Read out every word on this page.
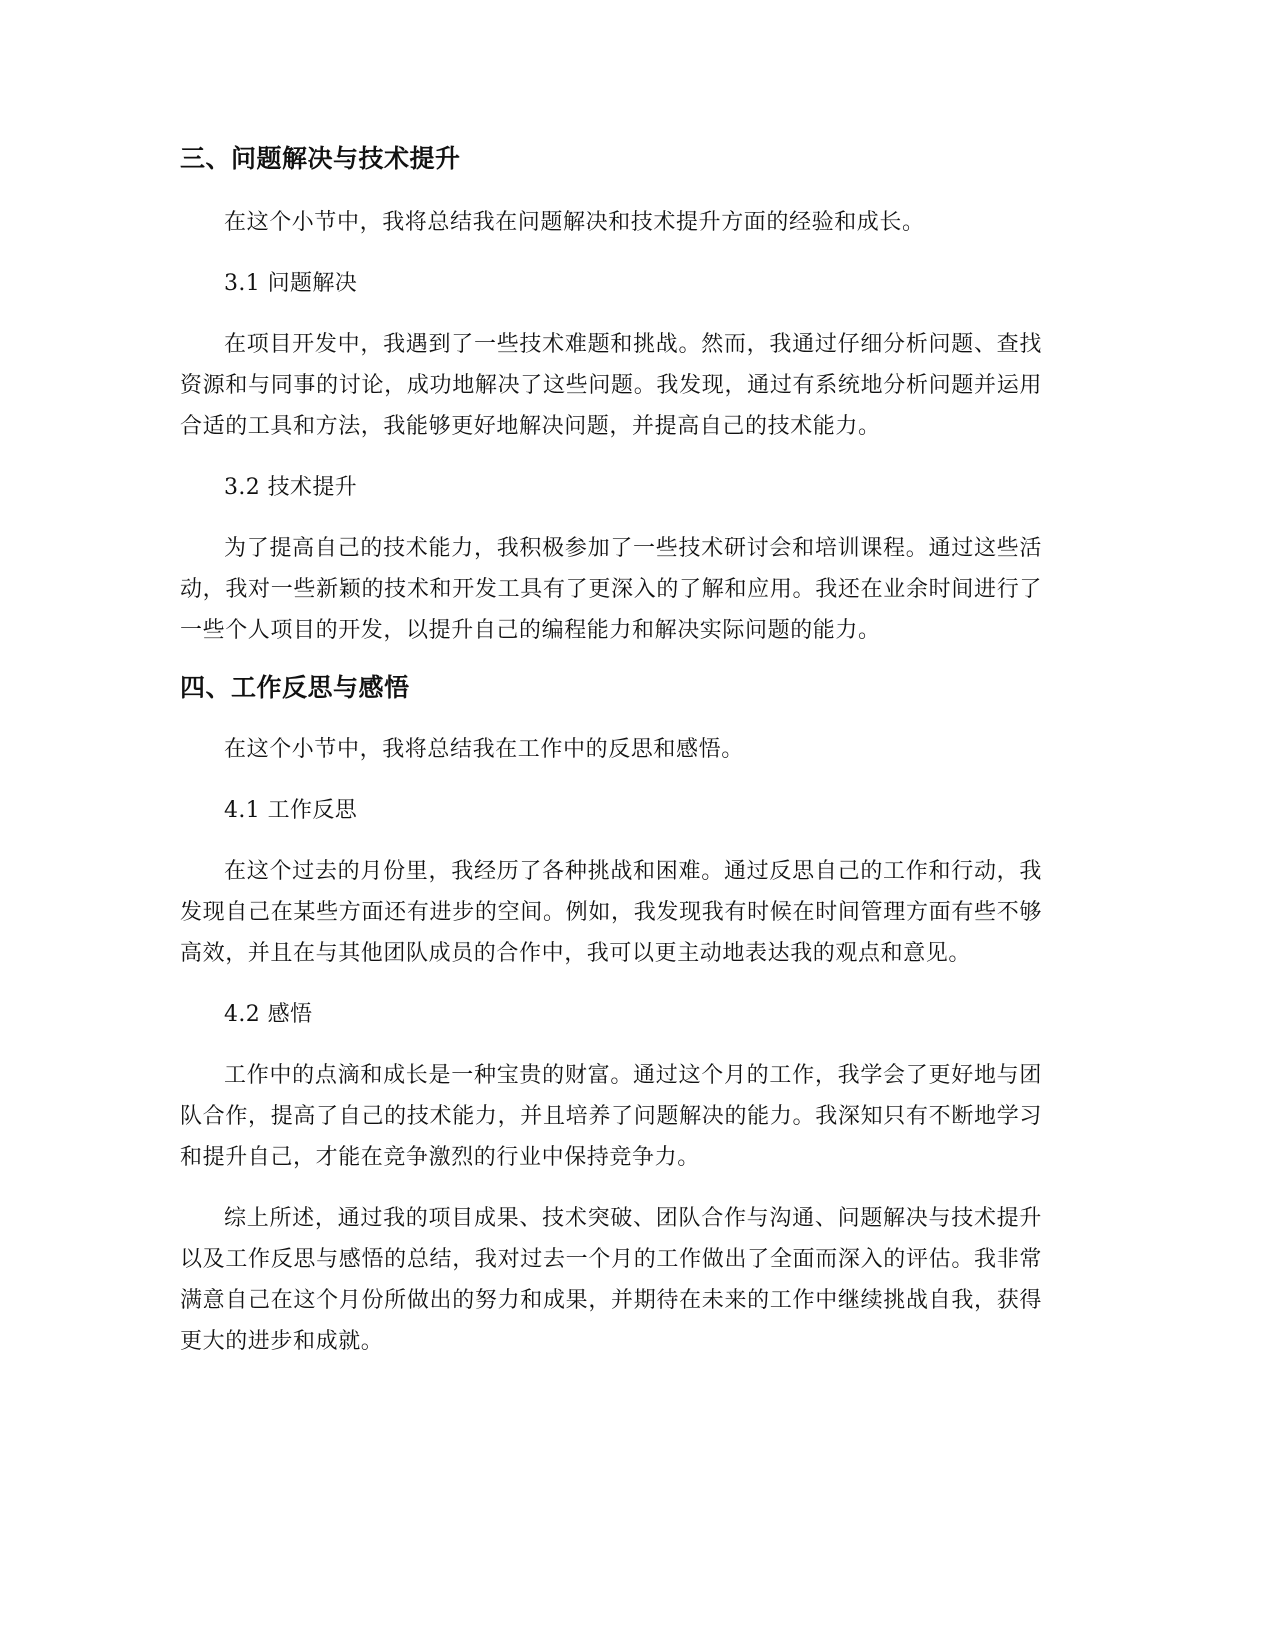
三、问题解决与技术提升

在这个小节中，我将总结我在问题解决和技术提升方面的经验和成长。

3.1 问题解决

在项目开发中，我遇到了一些技术难题和挑战。然而，我通过仔细分析问题、查找资源和与同事的讨论，成功地解决了这些问题。我发现，通过有系统地分析问题并运用合适的工具和方法，我能够更好地解决问题，并提高自己的技术能力。

3.2 技术提升

为了提高自己的技术能力，我积极参加了一些技术研讨会和培训课程。通过这些活动，我对一些新颖的技术和开发工具有了更深入的了解和应用。我还在业余时间进行了一些个人项目的开发，以提升自己的编程能力和解决实际问题的能力。

四、工作反思与感悟

在这个小节中，我将总结我在工作中的反思和感悟。

4.1 工作反思

在这个过去的月份里，我经历了各种挑战和困难。通过反思自己的工作和行动，我发现自己在某些方面还有进步的空间。例如，我发现我有时候在时间管理方面有些不够高效，并且在与其他团队成员的合作中，我可以更主动地表达我的观点和意见。

4.2 感悟

工作中的点滴和成长是一种宝贵的财富。通过这个月的工作，我学会了更好地与团队合作，提高了自己的技术能力，并且培养了问题解决的能力。我深知只有不断地学习和提升自己，才能在竞争激烈的行业中保持竞争力。

综上所述，通过我的项目成果、技术突破、团队合作与沟通、问题解决与技术提升以及工作反思与感悟的总结，我对过去一个月的工作做出了全面而深入的评估。我非常满意自己在这个月份所做出的努力和成果，并期待在未来的工作中继续挑战自我，获得更大的进步和成就。
